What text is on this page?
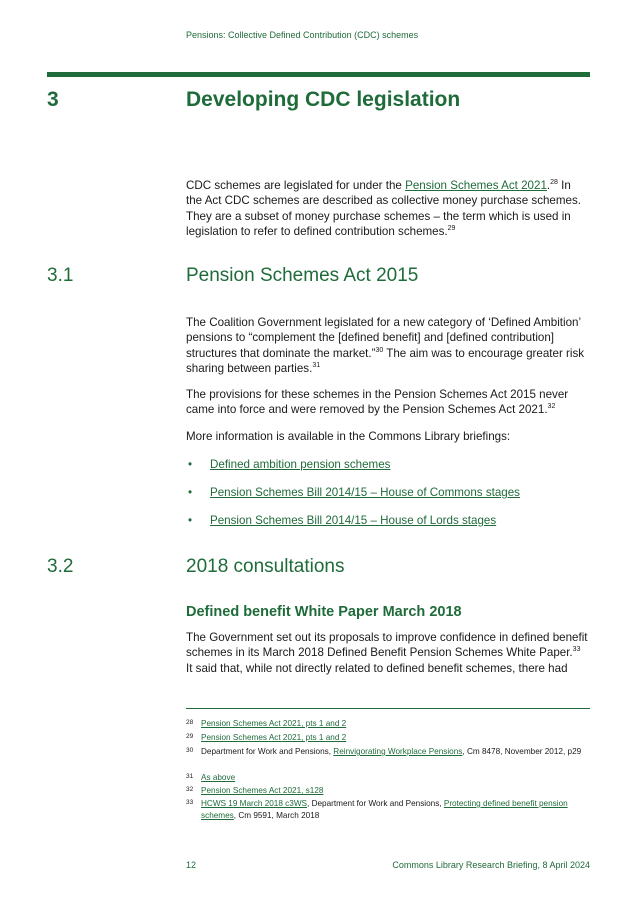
Pensions: Collective Defined Contribution (CDC) schemes
3	Developing CDC legislation
CDC schemes are legislated for under the Pension Schemes Act 2021.28 In the Act CDC schemes are described as collective money purchase schemes. They are a subset of money purchase schemes – the term which is used in legislation to refer to defined contribution schemes.$^{29}$
3.1	Pension Schemes Act 2015
The Coalition Government legislated for a new category of ‘Defined Ambition’ pensions to “complement the [defined benefit] and [defined contribution] structures that dominate the market.”$^{30}$ The aim was to encourage greater risk sharing between parties.$^{31}$
The provisions for these schemes in the Pension Schemes Act 2015 never came into force and were removed by the Pension Schemes Act 2021.32
More information is available in the Commons Library briefings:
• Defined ambition pension schemes
• Pension Schemes Bill 2014/15 – House of Commons stages
• Pension Schemes Bill 2014/15 – House of Lords stages
3.2	2018 consultations
Defined benefit White Paper March 2018
The Government set out its proposals to improve confidence in defined benefit schemes in its March 2018 Defined Benefit Pension Schemes White Paper.$^{33}$ It said that, while not directly related to defined benefit schemes, there had
28 Pension Schemes Act 2021, pts 1 and 2
29 Pension Schemes Act 2021, pts 1 and 2
30 Department for Work and Pensions, Reinvigorating Workplace Pensions, Cm 8478, November 2012, p29
31 As above
32 Pension Schemes Act 2021, s128
33 HCWS 19 March 2018 c3WS, Department for Work and Pensions, Protecting defined benefit pension schemes, Cm 9591, March 2018
12	Commons Library Research Briefing, 8 April 2024
